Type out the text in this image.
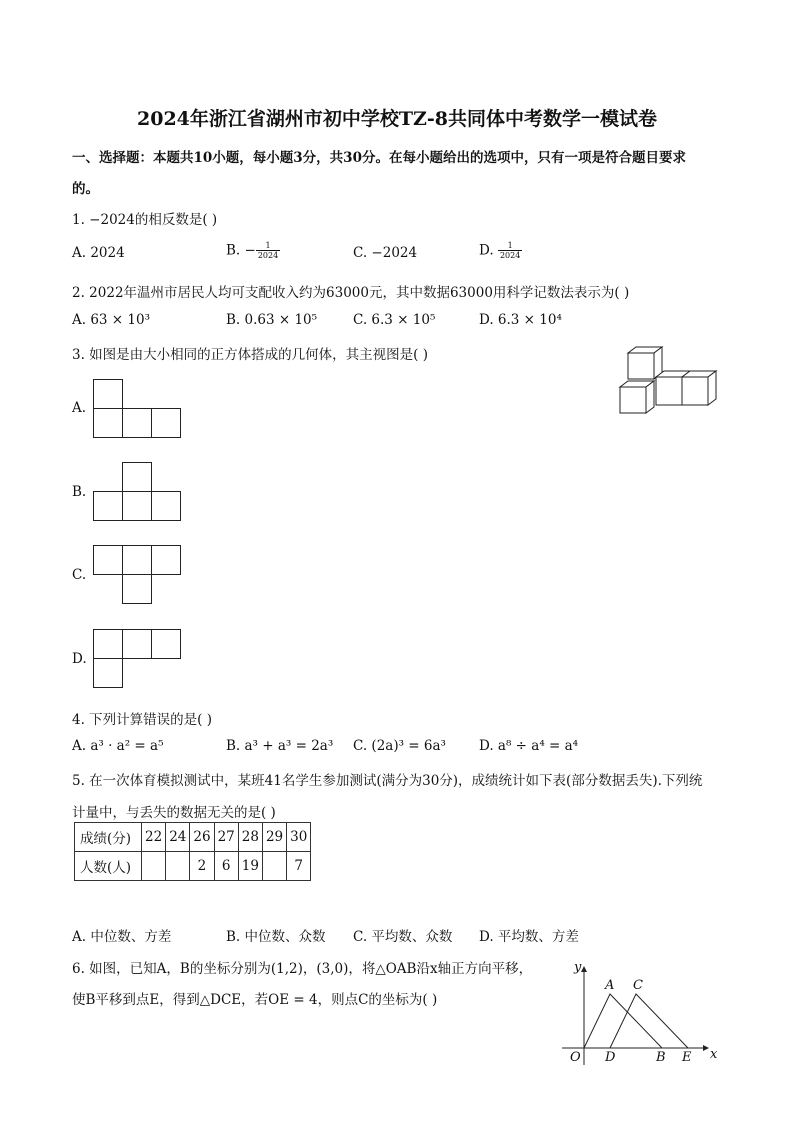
2024年浙江省湖州市初中学校TZ-8共同体中考数学一模试卷
一、选择题：本题共10小题，每小题3分，共30分。在每小题给出的选项中，只有一项是符合题目要求
的。
1. −2024的相反数是( )
A. 2024	B. − $\frac{1}{2024}$	C. −2024	D. $\frac{1}{2024}$
2. 2022年温州市居民人均可支配收入约为63000元，其中数据63000用科学记数法表示为( )
A. 63 × 10³	B. 0.63 × 10⁵	C. 6.3 × 10⁵	D. 6.3 × 10⁴
3. 如图是由大小相同的正方体搭成的几何体，其主视图是( )
A.
B.
C.
D.
4. 下列计算错误的是( )
A. a³ · a² = a⁵	B. a³ + a³ = 2a³ C. (2a)³ = 6a³ D. a⁸ ÷ a⁴ = a⁴
5. 在一次体育模拟测试中，某班41名学生参加测试(满分为30分)，成绩统计如下表(部分数据丢失).下列统
计量中，与丢失的数据无关的是( )
成绩(分)	22	24	26	27	28	29	30
人数(人)			2	6	19		7
A. 中位数、方差	B. 中位数、众数 C. 平均数、众数 D. 平均数、方差
6. 如图，已知A，B的坐标分别为(1,2)，(3,0)，将△OAB沿x轴正方向平移，
使B平移到点E，得到△DCE，若OE = 4，则点C的坐标为( )
y
x
O
A
B
C
D	E
